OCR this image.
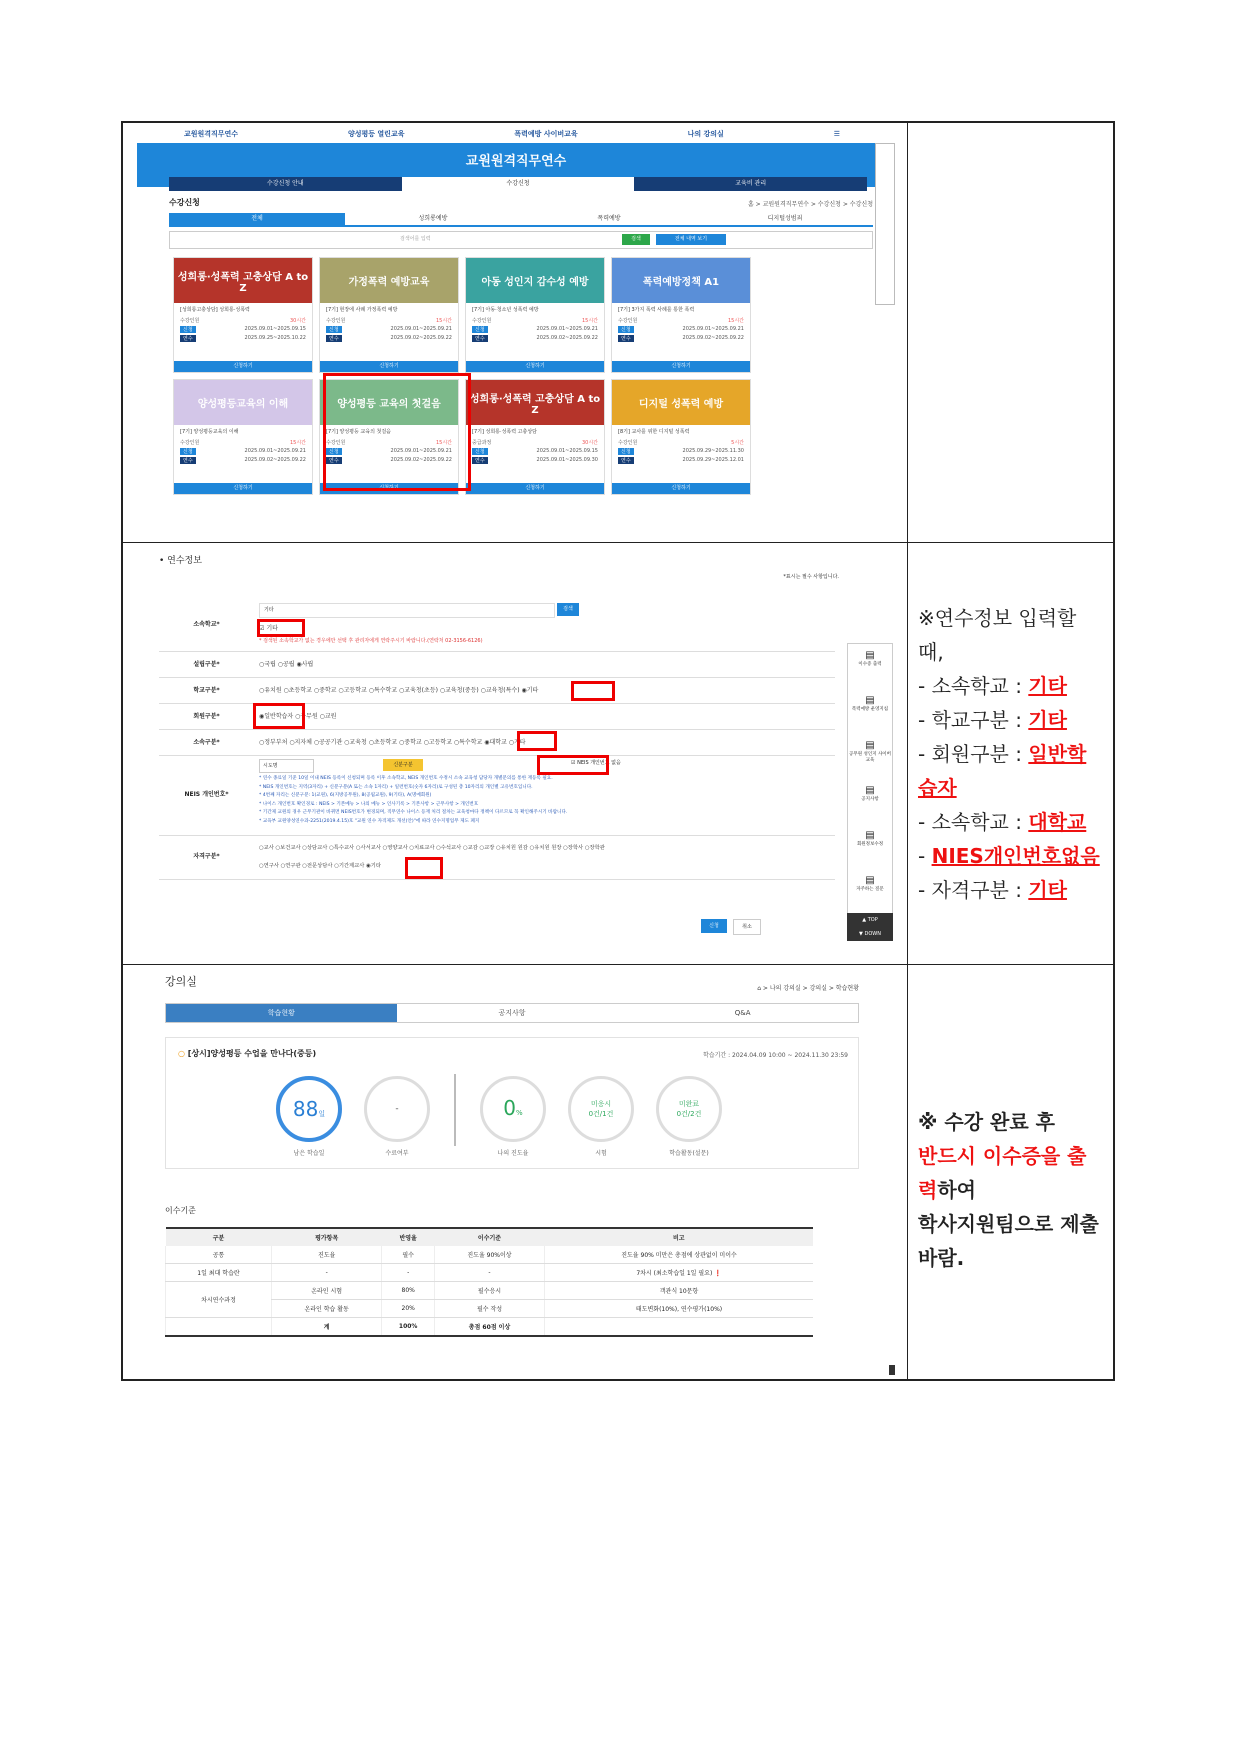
교원원격직무연수	양성평등 열린교육	폭력예방 사이버교육	나의 강의실	☰
교원원격직무연수
수강신청 안내	수강신청	교육비 관리
수강신청	홈 > 교원원격직무연수 > 수강신청 > 수강신청
전체	성희롱예방	폭력예방	디지털성범죄
검색어를 입력	검색	전체 내역 보기
성희롱·성폭력 고충상담 A to Z
[성희롱고충상담] 성희롱·성폭력
수강인원	30시간
신청	2025.09.01~2025.09.15
연수	2025.09.25~2025.10.22
신청하기
가정폭력 예방교육
[7기] 현장에 사례 가정폭력 예방
수강인원	15시간
신청	2025.09.01~2025.09.21
연수	2025.09.02~2025.09.22
신청하기
아동 성인지 감수성 예방
[7기] 아동·청소년 성폭력 예방
수강인원	15시간
신청	2025.09.01~2025.09.21
연수	2025.09.02~2025.09.22
신청하기
폭력예방정책 A1
[7기] 3가지 폭력 사례를 통한 폭력
수강인원	15시간
신청	2025.09.01~2025.09.21
연수	2025.09.02~2025.09.22
신청하기
양성평등교육의 이해
[7기] 양성평등교육의 이해
수강인원	15시간
신청	2025.09.01~2025.09.21
연수	2025.09.02~2025.09.22
신청하기
양성평등 교육의 첫걸음
[7기] 양성평등 교육의 첫걸음
수강인원	15시간
신청	2025.09.01~2025.09.21
연수	2025.09.02~2025.09.22
신청하기
성희롱·성폭력 고충상담 A to Z
[7기] 성희롱·성폭력 고충상담
중급과정	30시간
신청	2025.09.01~2025.09.15
연수	2025.09.01~2025.09.30
신청하기
디지털 성폭력 예방
[8기] 교사를 위한 디지털 성폭력
수강인원	5시간
신청	2025.09.29~2025.11.30
연수	2025.09.29~2025.12.01
신청하기
• 연수정보
*표시는 필수 사항입니다.
소속학교*
기타	검색
☑ 기타
* 검색된 소속학교가 없는 경우에만 선택 후 관리자에게 연락주시기 바랍니다.(연락처 02-3156-6126)
설립구분*	○국립 ○공립 ◉사립
학교구분*	○유치원 ○초등학교 ○중학교 ○고등학교 ○특수학교 ○교육청(초등) ○교육청(중등) ○교육청(특수) ◉기타
회원구분*	◉일반학습자 ○공무원 ○교원
소속구분*	○정부부처 ○지자체 ○공공기관 ○교육청 ○초등학교 ○중학교 ○고등학교 ○특수학교 ◉대학교 ○기타
NEIS 개인번호*
시도명	신분구분	☑ NEIS 개인번호 없음
* 연수 종료일 기준 10일 이내 NEIS 등록이 신청되며 등록 이후 소속학교, NEIS 개인번호 수정시 소속 교육청 담당자 개별문의를 통한 재등록 필요.
* NEIS 개인번호는 지역(3자리) + 신분구분(A 또는 소속 1자리) + 일련번호(숫자 6자리)로 구성된 총 10자리의 개인별 고유번호입니다.
* 4번째 자리는 신분구분: 1(교원), 6(지방공무원), 8(공립교원), 9(기타), A(명예회원)
* 나이스 개인번호 확인경로 : NEIS > 기본메뉴 > 나의 메뉴 > 인사기록 > 기본사항 > 근무사항 > 개인번호
* 기간제 교원의 경우 근무기관이 바뀌면 NEIS번호가 변경되며, 직무연수 나이스 등재 처리 절차는 교육청마다 정책이 다르므로 꼭 확인해주시기 바랍니다.
* 교육부 교원양성연수과-2251(2019.4.15)호 "교원 연수 자격제도 개선(안)"에 따라 연수지명업무 제도 폐지
자격구분*
○교사 ○보건교사 ○상담교사 ○특수교사 ○사서교사 ○영양교사 ○치료교사 ○수석교사 ○교감 ○교장 ○유치원 원감 ○유치원 원장 ○장학사 ○장학관
○연구사 ○연구관 ○전문상담사 ○기간제교사 ◉기타
신청	취소
▤
이수증 출력
▤
폭력예방 운영지침
▤
공무원 성인지 사이버교육
▤
공지사항
▤
회원정보수정
▤
자주하는 질문
▲ TOP
▼ DOWN
※연수정보 입력할 때,
- 소속학교 : 기타
- 학교구분 : 기타
- 회원구분 : 일반학습자
- 소속학교 : 대학교
- NIES개인번호없음
- 자격구분 : 기타
강의실
⌂ > 나의 강의실 > 강의실 > 학습현황
학습현황	공지사항	Q&A
○ [상시]양성평등 수업을 만나다(중등)	학습기간 : 2024.04.09 10:00 ~ 2024.11.30 23:59
88일
남은 학습일
-
수료여부
0%
나의 진도율
미응시
0건/1건
시험
미완료
0건/2건
학습활동(설문)
이수기준
구분	평가항목	반영율	이수기준	비고
공통	진도율	필수	진도율 90%이상	진도율 90% 미만은 총점에 상관없이 미이수
1일 최대 학습란	-	-	-	7차시 (최소학습일 1일 필요) ❗
차시연수과정	온라인 시험	80%	필수응시	객관식 10문항
	온라인 학습 활동	20%	필수 작성	태도변화(10%), 연수평가(10%)
	계	100%	총점 60점 이상	
※ 수강 완료 후
반드시 이수증을 출력하여
학사지원팀으로 제출바람.
